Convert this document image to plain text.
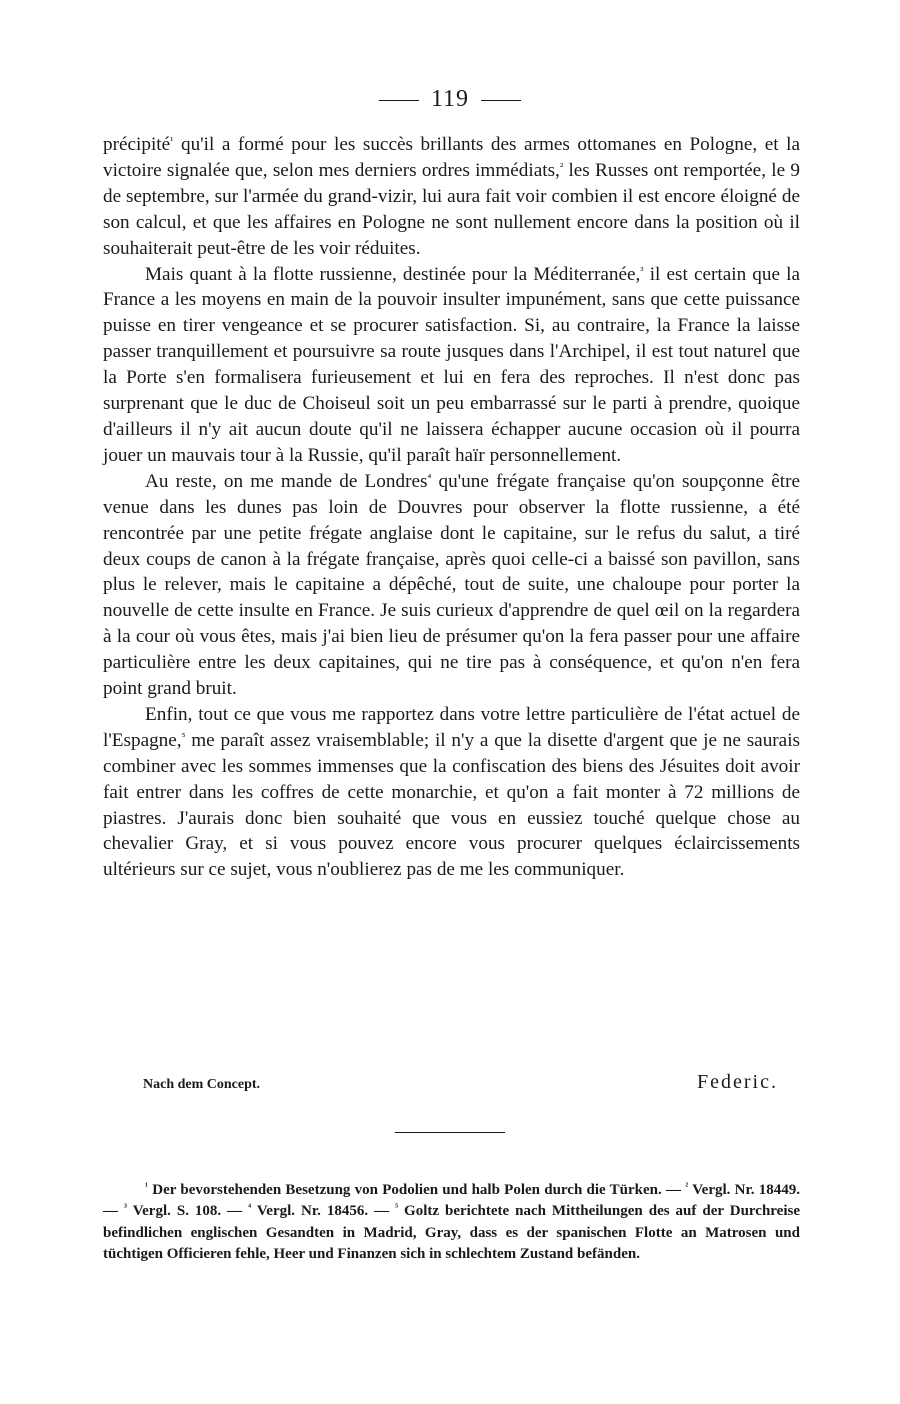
119

précipité$^{^1}$ qu'il a formé pour les succès brillants des armes ottomanes en Pologne, et la victoire signalée que, selon mes derniers ordres immédiats,$^{^2}$ les Russes ont remportée, le 9 de septembre, sur l'armée du grand-vizir, lui aura fait voir combien il est encore éloigné de son calcul, et que les affaires en Pologne ne sont nullement encore dans la position où il souhaiterait peut-être de les voir réduites.

Mais quant à la flotte russienne, destinée pour la Méditerranée,$^{^3}$ il est certain que la France a les moyens en main de la pouvoir insulter impunément, sans que cette puissance puisse en tirer vengeance et se procurer satisfaction. Si, au contraire, la France la laisse passer tranquillement et poursuivre sa route jusques dans l'Archipel, il est tout naturel que la Porte s'en formalisera furieusement et lui en fera des reproches. Il n'est donc pas surprenant que le duc de Choiseul soit un peu embarrassé sur le parti à prendre, quoique d'ailleurs il n'y ait aucun doute qu'il ne laissera échapper aucune occasion où il pourra jouer un mauvais tour à la Russie, qu'il paraît haïr personnellement.

Au reste, on me mande de Londres$^{^4}$ qu'une frégate française qu'on soupçonne être venue dans les dunes pas loin de Douvres pour observer la flotte russienne, a été rencontrée par une petite frégate anglaise dont le capitaine, sur le refus du salut, a tiré deux coups de canon à la frégate française, après quoi celle-ci a baissé son pavillon, sans plus le relever, mais le capitaine a dépêché, tout de suite, une chaloupe pour porter la nouvelle de cette insulte en France. Je suis curieux d'apprendre de quel œil on la regardera à la cour où vous êtes, mais j'ai bien lieu de présumer qu'on la fera passer pour une affaire particulière entre les deux capitaines, qui ne tire pas à conséquence, et qu'on n'en fera point grand bruit.

Enfin, tout ce que vous me rapportez dans votre lettre particulière de l'état actuel de l'Espagne,$^{^5}$ me paraît assez vraisemblable; il n'y a que la disette d'argent que je ne saurais combiner avec les sommes immenses que la confiscation des biens des Jésuites doit avoir fait entrer dans les coffres de cette monarchie, et qu'on a fait monter à 72 millions de piastres. J'aurais donc bien souhaité que vous en eussiez touché quelque chose au chevalier Gray, et si vous pouvez encore vous procurer quelques éclaircissements ultérieurs sur ce sujet, vous n'oublierez pas de me les communiquer.

Nach dem Concept.	Federic.

$^{^1}$ Der bevorstehenden Besetzung von Podolien und halb Polen durch die Türken. — $^{^2}$ Vergl. Nr. 18449. — $^{^3}$ Vergl. S. 108. — $^{^4}$ Vergl. Nr. 18456. — $^{^5}$ Goltz berichtete nach Mittheilungen des auf der Durchreise befindlichen englischen Gesandten in Madrid, Gray, dass es der spanischen Flotte an Matrosen und tüchtigen Officieren fehle, Heer und Finanzen sich in schlechtem Zustand befänden.
